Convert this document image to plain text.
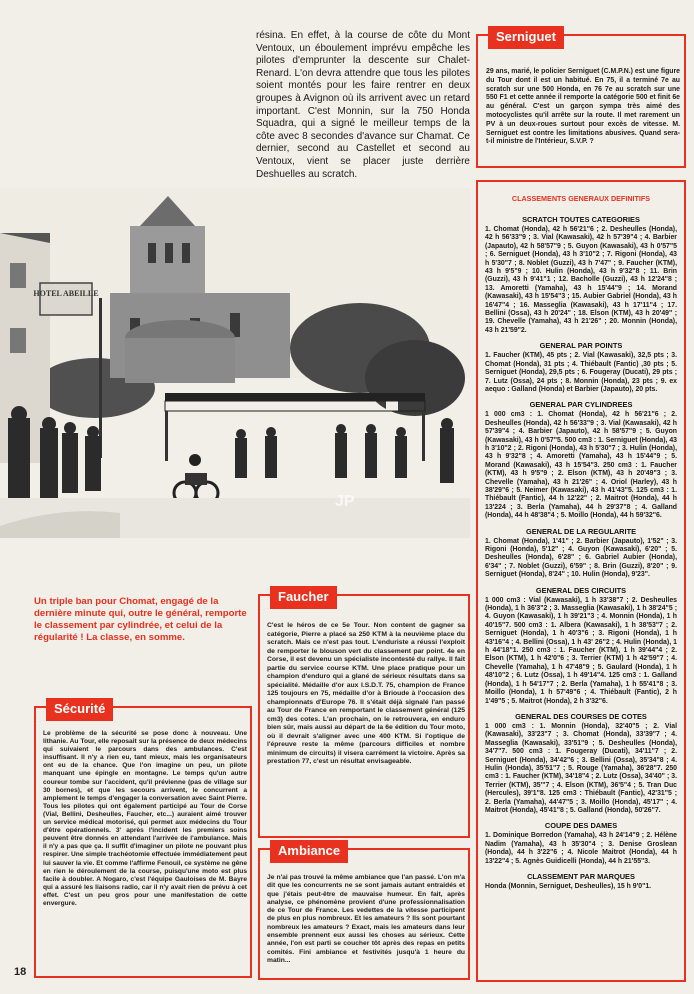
résina. En effet, à la course de côte du Mont Ventoux, un éboulement imprévu empêche les pilotes d'emprunter la descente sur Chalet-Renard. L'on devra attendre que tous les pilotes soient montés pour les faire rentrer en deux groupes à Avignon où ils arrivent avec un retard important. C'est Monnin, sur la 750 Honda Squadra, qui a signé le meilleur temps de la côte avec 8 secondes d'avance sur Chamat. Ce dernier, second au Castellet et second au Ventoux, vient se placer juste derrière Deshuelles au scratch.

HOTEL ABEILLE
JP

Un triple ban pour Chomat, engagé de la dernière minute qui, outre le général, remporte le classement par cylindrée, et celui de la régularité ! La classe, en somme.

Serniguet

29 ans, marié, le policier Serniguet (C.M.P.N.) est une figure du Tour dont il est un habitué. En 75, il a terminé 7e au scratch sur une 500 Honda, en 76 7e au scratch sur une 550 F1 et cette année il remporte la catégorie 500 et finit 6e au général. C'est un garçon sympa très aimé des motocyclistes qu'il arrête sur la route. Il met rarement un PV à un deux-roues surtout pour excès de vitesse. M. Serniguet est contre les limitations abusives. Quand sera-t-il ministre de l'Intérieur, S.V.P. ?

CLASSEMENTS GENERAUX DEFINITIFS
SCRATCH TOUTES CATEGORIES

1. Chomat (Honda), 42 h 56'21"6 ; 2. Desheulles (Honda), 42 h 56'33"9 ; 3. Vial (Kawasaki), 42 h 57'39"4 ; 4. Barbier (Japauto), 42 h 58'57"9 ; 5. Guyon (Kawasaki), 43 h 0'57"5 ; 6. Serniguet (Honda), 43 h 3'10"2 ; 7. Rigoni (Honda), 43 h 5'30"7 ; 8. Noblet (Guzzi), 43 h 7'47" ; 9. Faucher (KTM), 43 h 9'5"9 ; 10. Hulin (Honda), 43 h 9'32"8 ; 11. Brin (Guzzi), 43 h 9'41"1 ; 12. Bacholle (Guzzi), 43 h 12'24"8 ; 13. Amoretti (Yamaha), 43 h 15'44"9 ; 14. Morand (Kawasaki), 43 h 15'54"3 ; 15. Aubier Gabriel (Honda), 43 h 16'47"4 ; 16. Masseglia (Kawasaki), 43 h 17'11"4 ; 17. Bellini (Ossa), 43 h 20'24" ; 18. Elson (KTM), 43 h 20'49" ; 19. Chevelle (Yamaha), 43 h 21'26" ; 20. Monnin (Honda), 43 h 21'59"2.

GENERAL PAR POINTS

1. Faucher (KTM), 45 pts ; 2. Vial (Kawasaki), 32,5 pts ; 3. Chomat (Honda), 31 pts ; 4. Thiébault (Fantic) ,30 pts ; 5. Serniguet (Honda), 29,5 pts ; 6. Fougeray (Ducati), 29 pts ; 7. Lutz (Ossa), 24 pts ; 8. Monnin (Honda), 23 pts ; 9. ex aequo : Galland (Honda) et Barbier (Japauto), 20 pts.

GENERAL PAR CYLINDREES

1 000 cm3 : 1. Chomat (Honda), 42 h 56'21"6 ; 2. Desheulles (Honda), 42 h 56'33"9 ; 3. Vial (Kawasaki), 42 h 57'39"4 ; 4. Barbier (Japauto), 42 h 58'57"9 ; 5. Guyon (Kawasaki), 43 h 0'57"5. 500 cm3 : 1. Serniguet (Honda), 43 h 3'10"2 ; 2. Rigoni (Honda), 43 h 5'30"7 ; 3. Hulin (Honda), 43 h 9'32"8 ; 4. Amoretti (Yamaha), 43 h 15'44"9 ; 5. Morand (Kawasaki), 43 h 15'54"3. 250 cm3 : 1. Faucher (KTM), 43 h 9'5"9 ; 2. Elson (KTM), 43 h 20'49"3 ; 3. Chevelle (Yamaha), 43 h 21'26" ; 4. Oriol (Harley), 43 h 38'29"6 ; 5. Neimer (Kawasaki), 43 h 41'43"5. 125 cm3 : 1. Thiébault (Fantic), 44 h 12'22" ; 2. Maitrot (Honda), 44 h 13'224 ; 3. Berla (Yamaha), 44 h 29'37"8 ; 4. Galland (Honda), 44 h 48'38"4 ; 5. Moillo (Honda), 44 h 59'32"6.

GENERAL DE LA REGULARITE

1. Chomat (Honda), 1'41" ; 2. Barbier (Japauto), 1'52" ; 3. Rigoni (Honda), 5'12" ; 4. Guyon (Kawasaki), 6'20" ; 5. Desheulles (Honda), 6'28" ; 6. Gabriel Aubier (Honda), 6'34" ; 7. Noblet (Guzzi), 6'59" ; 8. Brin (Guzzi), 8'20" ; 9. Serniguet (Honda), 8'24" ; 10. Hulin (Honda), 9'23".

GENERAL DES CIRCUITS

1 000 cm3 : Vial (Kawasaki), 1 h 33'38"7 ; 2. Desheulles (Honda), 1 h 36'3"2 ; 3. Masseglia (Kawasaki), 1 h 38'24"5 ; 4. Guyon (Kawasaki), 1 h 39'21"3 ; 4. Monnin (Honda), 1 h 40'15"7. 500 cm3 : 1. Albera (Kawasaki), 1 h 38'53"7 ; 2. Serniguet (Honda), 1 h 40'3"6 ; 3. Rigoni (Honda), 1 h 43'16"4 ; 4. Bellini (Ossa), 1 h 43' 26"2 ; 4. Hulin (Honda), 1 h 44'18"1. 250 cm3 : 1. Faucher (KTM), 1 h 39'44"4 ; 2. Elson (KTM), 1 h 42'0"6 ; 3. Terrier (KTM) 1 h 42'59"7 ; 4. Chevelle (Yamaha), 1 h 47'48"9 ; 5. Gaulard (Honda), 1 h 48'10"2 ; 6. Lutz (Ossa), 1 h 49'14"4. 125 cm3 : 1. Galland (Honda), 1 h 54'17"7 ; 2. Berla (Yamaha), 1 h 55'41"8 ; 3. Moillo (Honda), 1 h 57'49"6 ; 4. Thiébault (Fantic), 2 h 1'49"5 ; 5. Maitrot (Honda), 2 h 3'32"6.

GENERAL DES COURSES DE COTES

1 000 cm3 : 1. Monnin (Honda), 32'40"5 ; 2. Vial (Kawasaki), 33'23"7 ; 3. Chomat (Honda), 33'39"7 ; 4. Masseglia (Kawasaki), 33'51"9 ; 5. Desheulles (Honda), 34'7"7. 500 cm3 : 1. Fougeray (Ducati), 34'11"7 ; 2. Serniguet (Honda), 34'42"6 ; 3. Bellini (Ossa), 35'34"8 ; 4. Hulin (Honda), 35'51"7 ; 5. Rouge (Yamaha), 36'28"7. 250 cm3 : 1. Faucher (KTM), 34'18"4 ; 2. Lutz (Ossa), 34'40" ; 3. Terrier (KTM), 35'"7 ; 4. Elson (KTM), 36'5"4 ; 5. Tran Duc (Hercules), 39'1"8. 125 cm3 : Thiébault (Fantic), 42'31"5 ; 2. Berla (Yamaha), 44'47"5 ; 3. Moillo (Honda), 45'17" ; 4. Maitrot (Honda), 45'41"8 ; 5. Galland (Honda), 50'26"7.

COUPE DES DAMES

1. Dominique Borredon (Yamaha), 43 h 24'14"9 ; 2. Hélène Nadim (Yamaha), 43 h 35'30"4 ; 3. Denise Groslean (Honda), 44 h 3'22"6 ; 4. Nicole Maitrot (Honda), 44 h 13'22"4 ; 5. Agnès Guidicelli (Honda), 44 h 21'55"3.

CLASSEMENT PAR MARQUES

Honda (Monnin, Serniguet, Desheulles), 15 h 9'0"1.

Faucher

C'est le héros de ce 5e Tour. Non content de gagner sa catégorie, Pierre a placé sa 250 KTM à la neuvième place du scratch. Mais ce n'est pas tout. L'enduriste a réussi l'exploit de remporter le blouson vert du classement par point. 4e en Corse, il est devenu un spécialiste incontesté du rallye. Il fait partie du service course KTM. Une place pratique pour un champion d'enduro qui a glané de sérieux résultats dans sa spécialité. Médaille d'or aux I.S.D.T. 75, champion de France 125 toujours en 75, médaille d'or à Brioude à l'occasion des championnats d'Europe 76. Il s'était déjà signalé l'an passé au Tour de France en remportant le classement général (125 cm3) des cotes. L'an prochain, on le retrouvera, en enduro bien sûr, mais aussi au départ de la 6e édition du Tour moto, où il devrait s'aligner avec une 400 KTM. Si l'optique de l'épreuve reste la même (parcours difficiles et nombre minimum de circuits) il visera carrément la victoire. Après sa prestation 77, c'est un résultat envisageable.

Sécurité

Le problème de la sécurité se pose donc à nouveau. Une lithanie. Au Tour, elle reposait sur la présence de deux médecins qui suivaient le parcours dans des ambulances. C'est insuffisant. Il n'y a rien eu, tant mieux, mais les organisateurs ont eu de la chance. Que l'on imagine un peu, un pilote manquant une épingle en montagne. Le temps qu'un autre coureur tombe sur l'accident, qu'il prévienne (pas de village sur 30 bornes), et que les secours arrivent, le concurrent a amplement le temps d'engager la conversation avec Saint Pierre. Tous les pilotes qui ont également participé au Tour de Corse (Vial, Bellini, Desheulles, Faucher, etc...) auraient aimé trouver un service médical motorisé, qui permet aux médecins du Tour d'être opérationnels. 3' après l'incident les premiers soins peuvent être donnés en attendant l'arrivée de l'ambulance. Mais il n'y a pas que ça. Il suffit d'imaginer un pilote ne pouvant plus respirer. Une simple trachéotomie effectuée immédiatement peut lui sauver la vie. Et comme l'affirme Fenouil, ce système ne gêne en rien le déroulement de la course, puisqu'une moto est plus facile à doubler. A Nogaro, c'est l'équipe Gauloises de M. Bayre qui a assuré les liaisons radio, car il n'y avait rien de prévu à cet effet. C'est un peu gros pour une manifestation de cette envergure.

Ambiance

Je n'ai pas trouvé la même ambiance que l'an passé. L'on m'a dit que les concurrents ne se sont jamais autant entraidés et que j'étais peut-être de mauvaise humeur. En fait, après analyse, ce phénomène provient d'une professionnalisation de ce Tour de France. Les vedettes de la vitesse participent de plus en plus nombreux. Et les amateurs ? Ils sont pourtant nombreux les amateurs ? Exact, mais les amateurs dans leur ensemble prennent eux aussi les choses au sérieux. Cette année, l'on est parti se coucher tôt après des repas en petits comités. Fini ambiance et festivités jusqu'à 1 heure du matin...

18
